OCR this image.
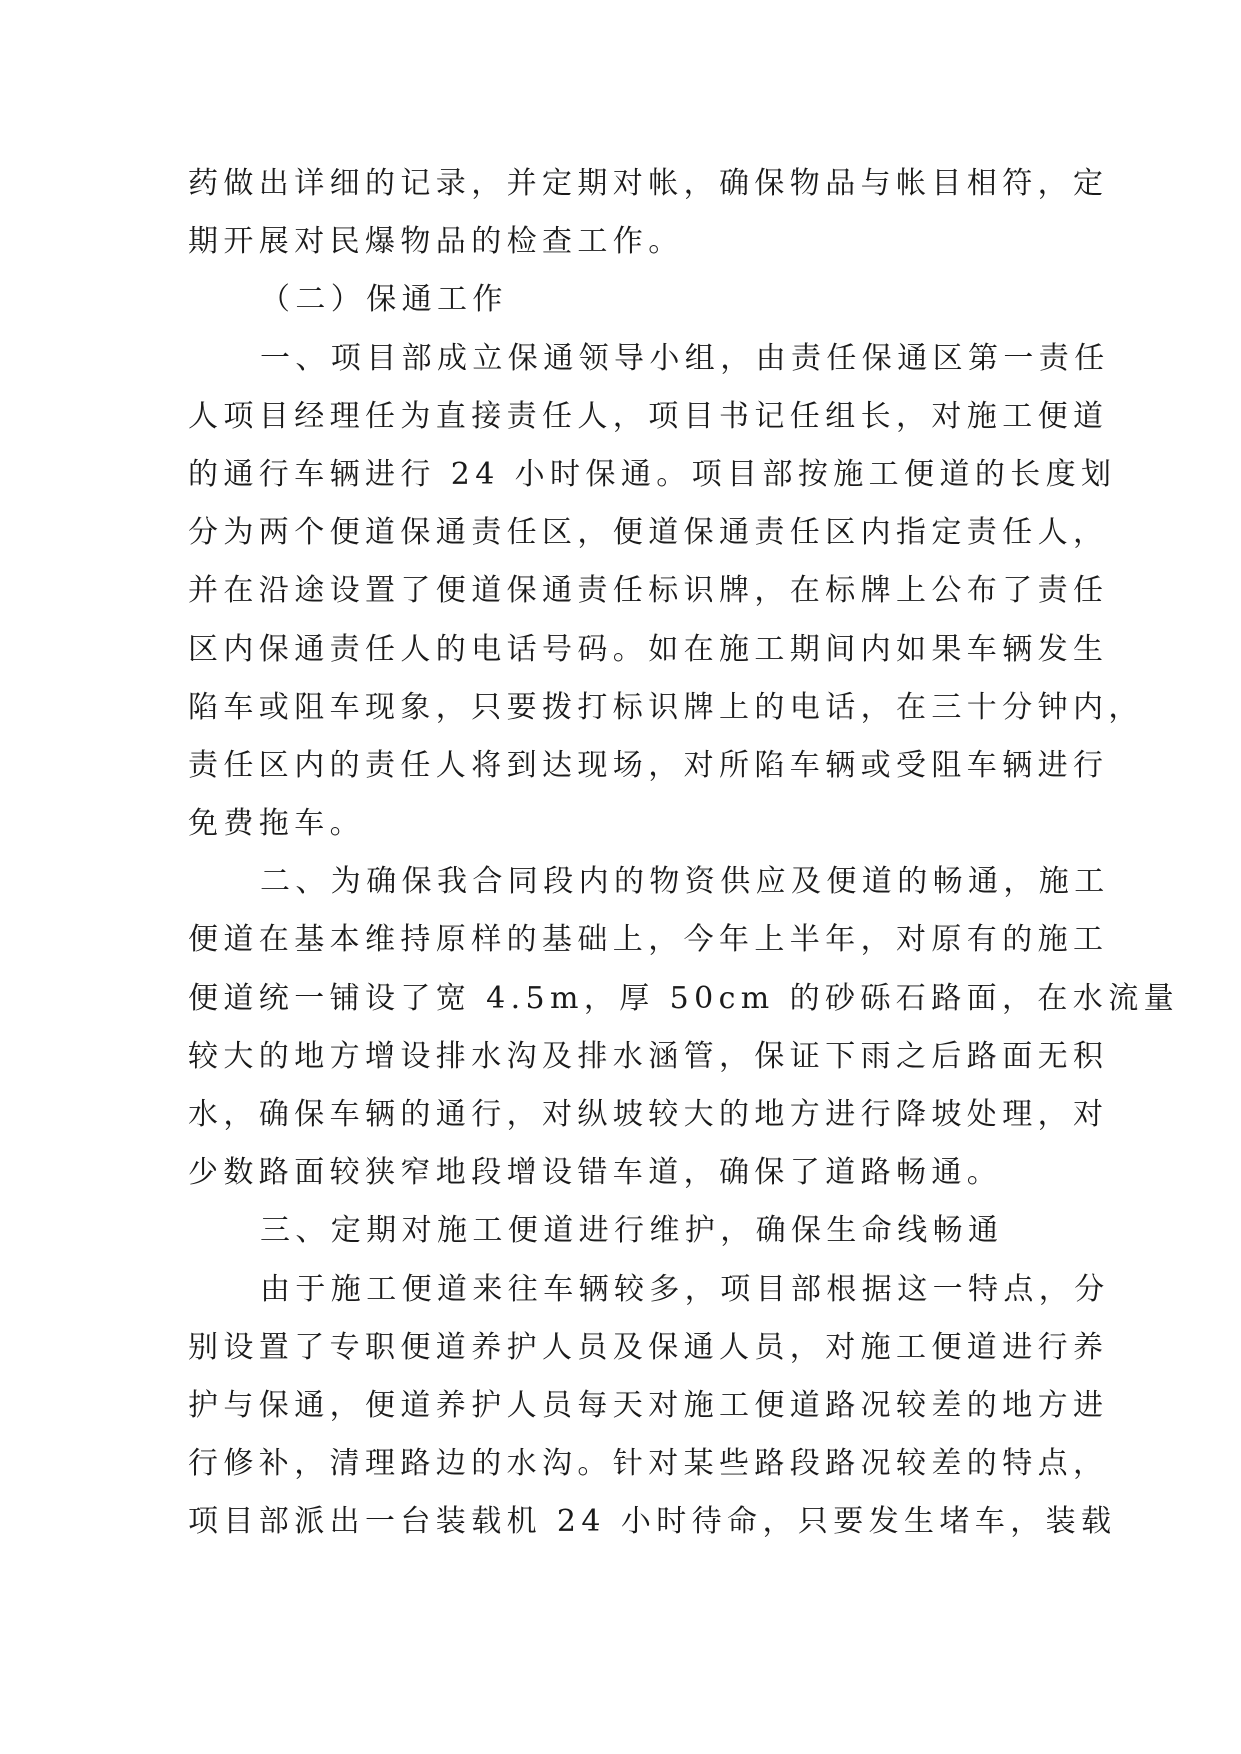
药做出详细的记录，并定期对帐，确保物品与帐目相符，定
期开展对民爆物品的检查工作。
（二）保通工作
一、项目部成立保通领导小组，由责任保通区第一责任
人项目经理任为直接责任人，项目书记任组长，对施工便道
的通行车辆进行 24 小时保通。项目部按施工便道的长度划
分为两个便道保通责任区，便道保通责任区内指定责任人，
并在沿途设置了便道保通责任标识牌，在标牌上公布了责任
区内保通责任人的电话号码。如在施工期间内如果车辆发生
陷车或阻车现象，只要拨打标识牌上的电话，在三十分钟内，
责任区内的责任人将到达现场，对所陷车辆或受阻车辆进行
免费拖车。
二、为确保我合同段内的物资供应及便道的畅通，施工
便道在基本维持原样的基础上，今年上半年，对原有的施工
便道统一铺设了宽 4.5m，厚 50cm 的砂砾石路面，在水流量
较大的地方增设排水沟及排水涵管，保证下雨之后路面无积
水，确保车辆的通行，对纵坡较大的地方进行降坡处理，对
少数路面较狭窄地段增设错车道，确保了道路畅通。
三、定期对施工便道进行维护，确保生命线畅通
由于施工便道来往车辆较多，项目部根据这一特点，分
别设置了专职便道养护人员及保通人员，对施工便道进行养
护与保通，便道养护人员每天对施工便道路况较差的地方进
行修补，清理路边的水沟。针对某些路段路况较差的特点，
项目部派出一台装载机 24 小时待命，只要发生堵车，装载
